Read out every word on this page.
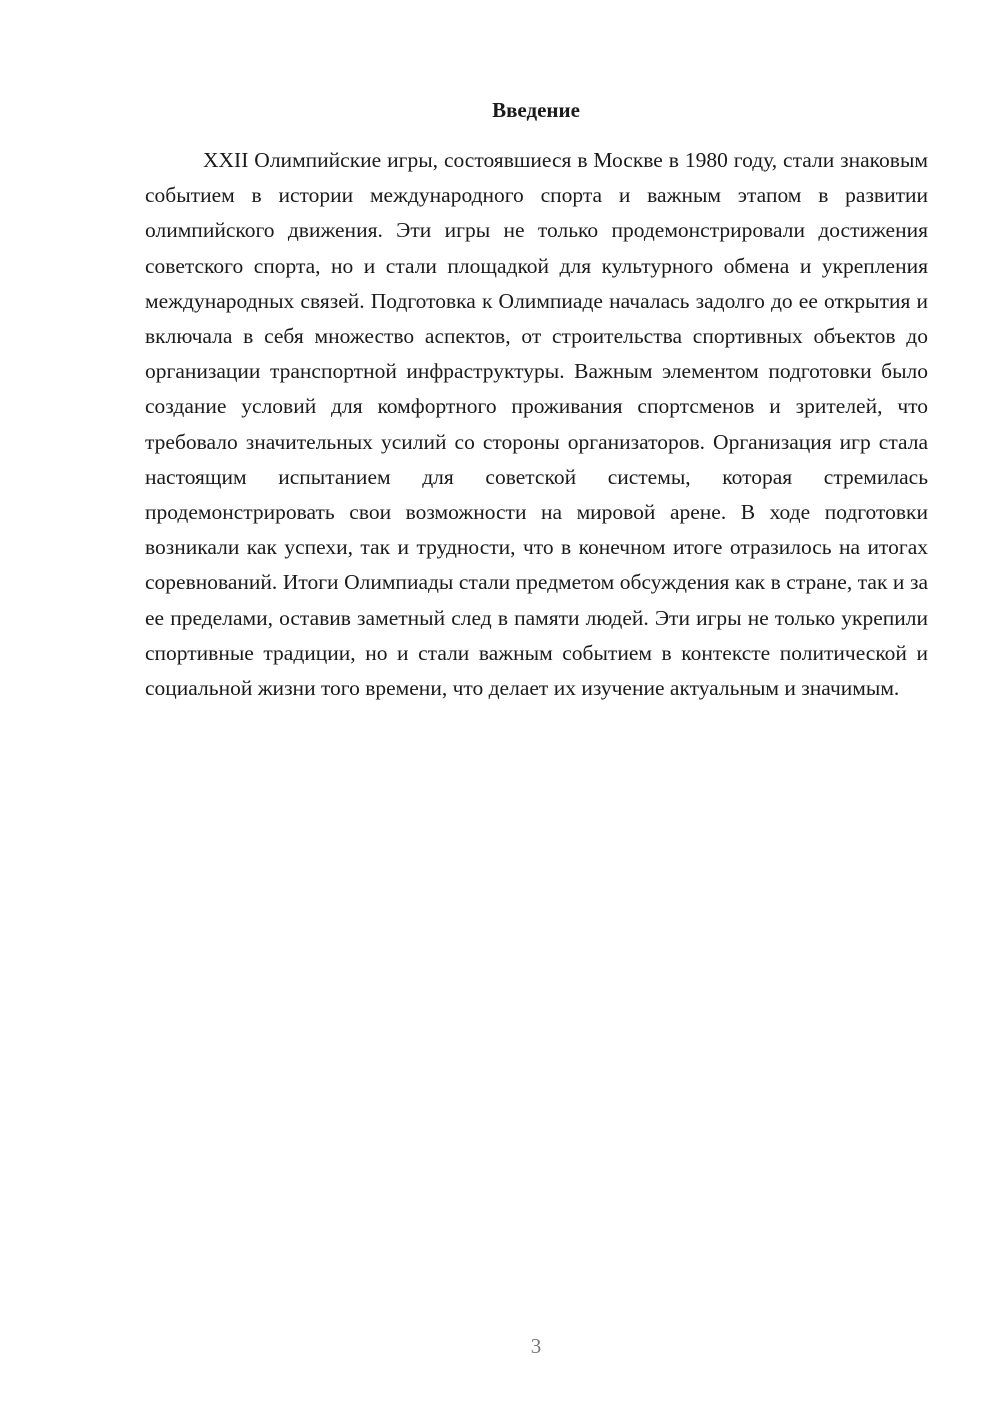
Введение

XXII Олимпийские игры, состоявшиеся в Москве в 1980 году, стали знаковым событием в истории международного спорта и важным этапом в развитии олимпийского движения. Эти игры не только продемонстрировали достижения советского спорта, но и стали площадкой для культурного обмена и укрепления международных связей. Подготовка к Олимпиаде началась задолго до ее открытия и включала в себя множество аспектов, от строительства спортивных объектов до организации транспортной инфраструктуры. Важным элементом подготовки было создание условий для комфортного проживания спортсменов и зрителей, что требовало значительных усилий со стороны организаторов. Организация игр стала настоящим испытанием для советской системы, которая стремилась продемонстрировать свои возможности на мировой арене. В ходе подготовки возникали как успехи, так и трудности, что в конечном итоге отразилось на итогах соревнований. Итоги Олимпиады стали предметом обсуждения как в стране, так и за ее пределами, оставив заметный след в памяти людей. Эти игры не только укрепили спортивные традиции, но и стали важным событием в контексте политической и социальной жизни того времени, что делает их изучение актуальным и значимым.

3
